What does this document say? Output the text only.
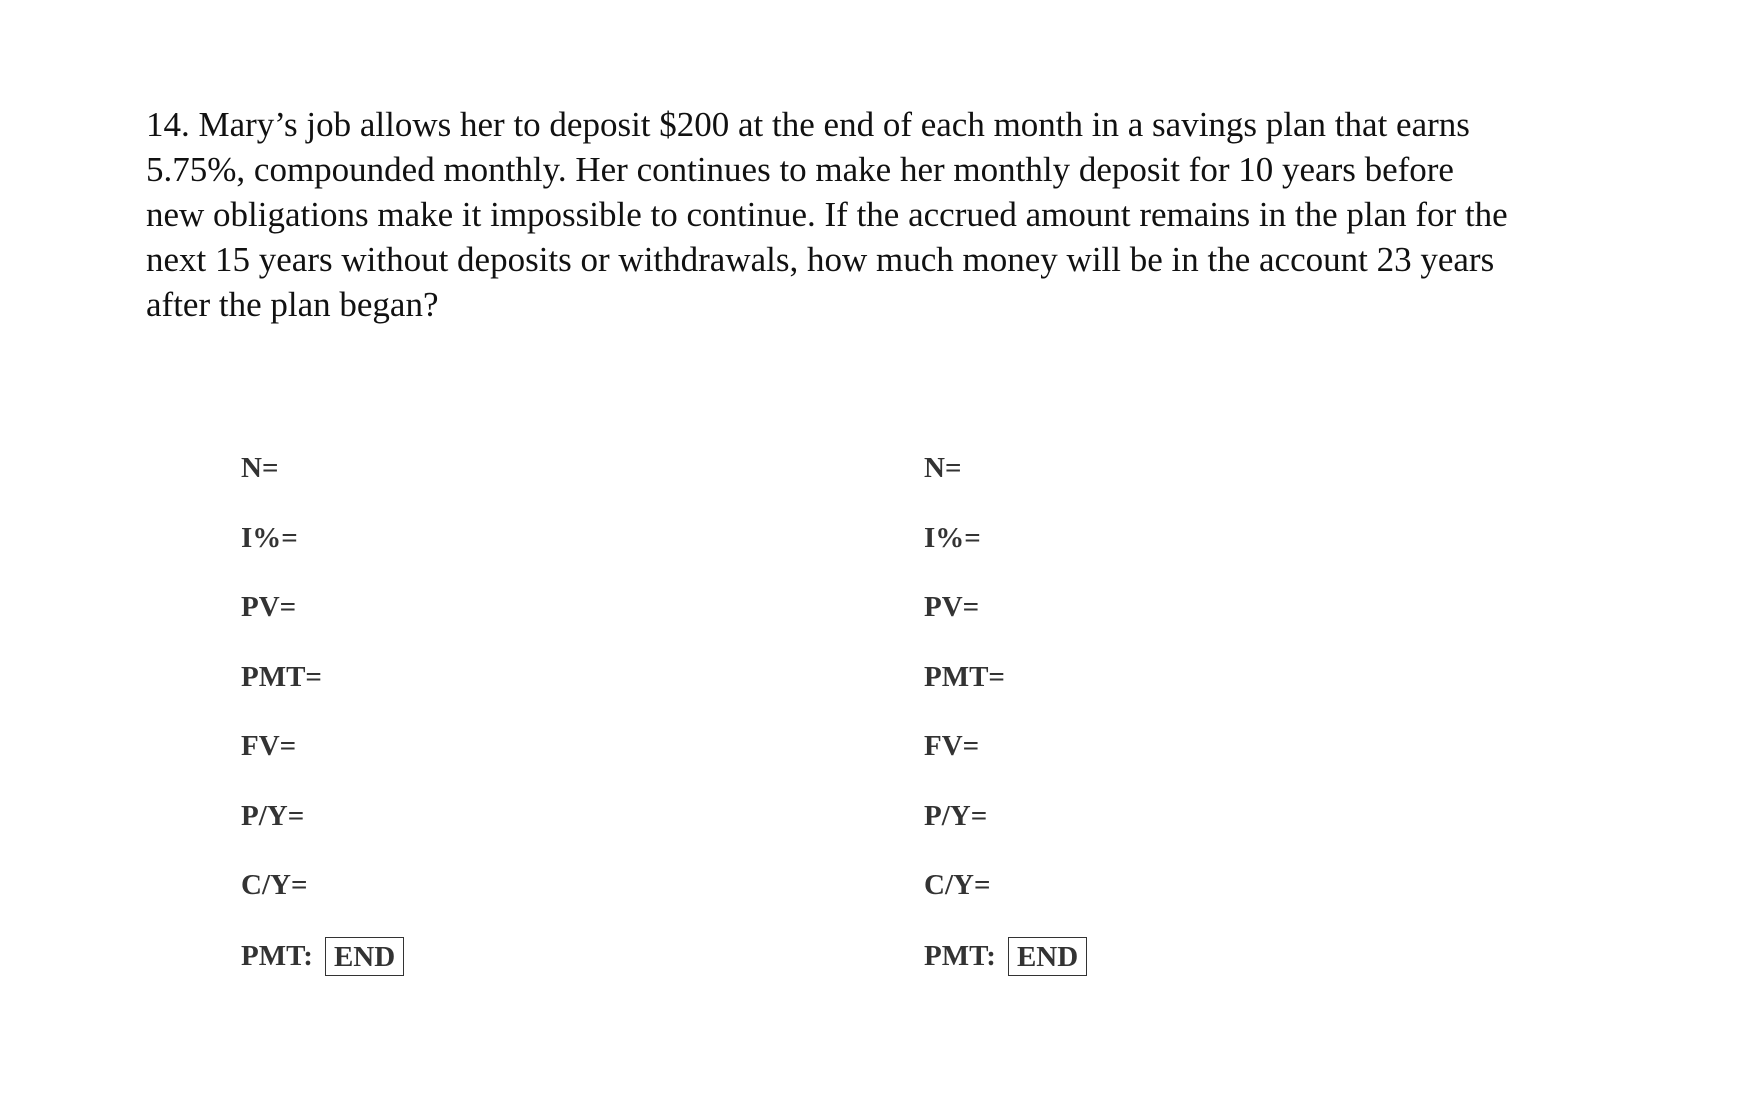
14. Mary’s job allows her to deposit $200 at the end of each month in a savings plan that earns
5.75%, compounded monthly. Her continues to make her monthly deposit for 10 years before
new obligations make it impossible to continue. If the accrued amount remains in the plan for the
next 15 years without deposits or withdrawals, how much money will be in the account 23 years
after the plan began?
N=
I%=
PV=
PMT=
FV=
P/Y=
C/Y=
PMT: END
N=
I%=
PV=
PMT=
FV=
P/Y=
C/Y=
PMT: END
